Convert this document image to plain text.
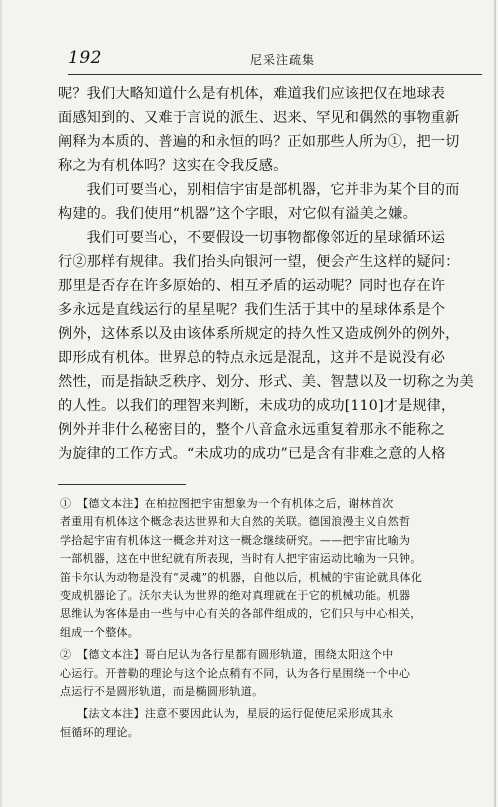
192	尼采注疏集
呢？我们大略知道什么是有机体，难道我们应该把仅在地球表
面感知到的、又难于言说的派生、迟来、罕见和偶然的事物重新
阐释为本质的、普遍的和永恒的吗？正如那些人所为①，把一切
称之为有机体吗？这实在令我反感。
　　我们可要当心，别相信宇宙是部机器，它并非为某个目的而
构建的。我们使用“机器”这个字眼，对它似有溢美之嫌。
　　我们可要当心，不要假设一切事物都像邻近的星球循环运
行②那样有规律。我们抬头向银河一望，便会产生这样的疑问：
那里是否存在许多原始的、相互矛盾的运动呢？同时也存在许
多永远是直线运行的星星呢？我们生活于其中的星球体系是个
例外，这体系以及由该体系所规定的持久性又造成例外的例外，
即形成有机体。世界总的特点永远是混乱，这并不是说没有必
然性，而是指缺乏秩序、划分、形式、美、智慧以及一切称之为美
的人性。以我们的理智来判断，未成功的成功[110]才是规律，
例外并非什么秘密目的，整个八音盒永远重复着那永不能称之
为旋律的工作方式。“未成功的成功”已是含有非难之意的人格
①　【德文本注】在柏拉图把宇宙想象为一个有机体之后，谢林首次
者重用有机体这个概念表达世界和大自然的关联。德国浪漫主义自然哲
学拾起宇宙有机体这一概念并对这一概念继续研究。——把宇宙比喻为
一部机器，这在中世纪就有所表现，当时有人把宇宙运动比喻为一只钟。
笛卡尔认为动物是没有“灵魂”的机器，自他以后，机械的宇宙论就具体化
变成机器论了。沃尔夫认为世界的绝对真理就在于它的机械功能。机器
思维认为客体是由一些与中心有关的各部件组成的，它们只与中心相关，
组成一个整体。
②　【德文本注】哥白尼认为各行星都有圆形轨道，围绕太阳这个中
心运行。开普勒的理论与这个论点稍有不同，认为各行星围绕一个中心
点运行不是圆形轨道，而是椭圆形轨道。
　　【法文本注】注意不要因此认为，星辰的运行促使尼采形成其永
恒循环的理论。
